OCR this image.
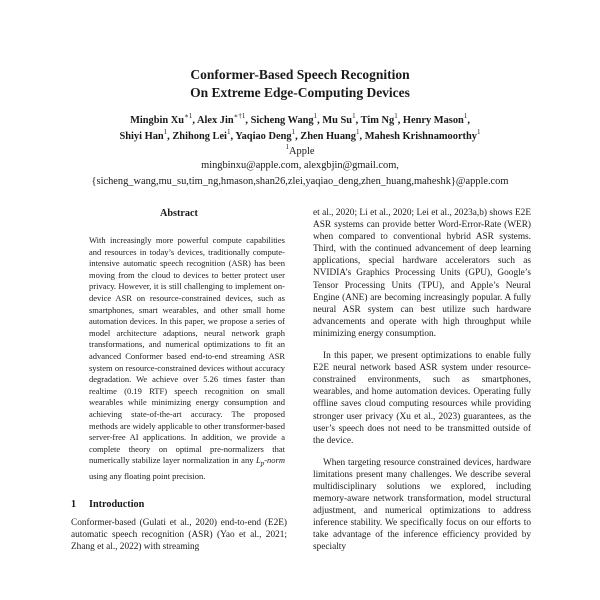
Conformer-Based Speech Recognition
On Extreme Edge-Computing Devices
Mingbin $Xu^{∗1}$, Alex Jin$^{∗\dagger 1}$, Sicheng Wang$^1$, Mu Su$^1$, Tim Ng$^1$, Henry Mason$^1$,
Shiyi Han$^1$, Zhihong Lei$^1$, Yaqiao Deng$^1$, Zhen Huang$^1$, Mahesh Krishnamoorthy$^1$
$^1$Apple
mingbinxu@apple.com, alexgbjin@gmail.com,
{sicheng_wang,mu_su,tim_ng,hmason,shan26,zlei,yaqiao_deng,zhen_huang,maheshk}@apple.com
Abstract

With increasingly more powerful compute capabilities and resources in today’s devices, traditionally compute-intensive automatic speech recognition (ASR) has been moving from the cloud to devices to better protect user privacy. However, it is still challenging to implement on-device ASR on resource-constrained devices, such as smartphones, smart wearables, and other small home automation devices. In this paper, we propose a series of model architecture adaptions, neural network graph transformations, and numerical optimizations to fit an advanced Conformer based end-to-end streaming ASR system on resource-constrained devices without accuracy degradation. We achieve over 5.26 times faster than realtime (0.19 RTF) speech recognition on small wearables while minimizing energy consumption and achieving state-of-the-art accuracy. The proposed methods are widely applicable to other transformer-based server-free AI applications. In addition, we provide a complete theory on optimal pre-normalizers that numerically stabilize layer normalization in any $L_p$-norm using any floating point precision.

1 Introduction

Conformer-based (Gulati et al., 2020) end-to-end (E2E) automatic speech recognition (ASR) (Yao et al., 2021; Zhang et al., 2022) with streaming

et al., 2020; Li et al., 2020; Lei et al., 2023a,b) shows E2E ASR systems can provide better Word-Error-Rate (WER) when compared to conventional hybrid ASR systems. Third, with the continued advancement of deep learning applications, special hardware accelerators such as NVIDIA’s Graphics Processing Units (GPU), Google’s Tensor Processing Units (TPU), and Apple’s Neural Engine (ANE) are becoming increasingly popular. A fully neural ASR system can best utilize such hardware advancements and operate with high throughput while minimizing energy consumption.

In this paper, we present optimizations to enable fully E2E neural network based ASR system under resource-constrained environments, such as smartphones, wearables, and home automation devices. Operating fully offline saves cloud computing resources while providing stronger user privacy (Xu et al., 2023) guarantees, as the user’s speech does not need to be transmitted outside of the device.

When targeting resource constrained devices, hardware limitations present many challenges. We describe several multidisciplinary solutions we explored, including memory-aware network transformation, model structural adjustment, and numerical optimizations to address inference stability. We specifically focus on our efforts to take advantage of the inference efficiency provided by specialty
